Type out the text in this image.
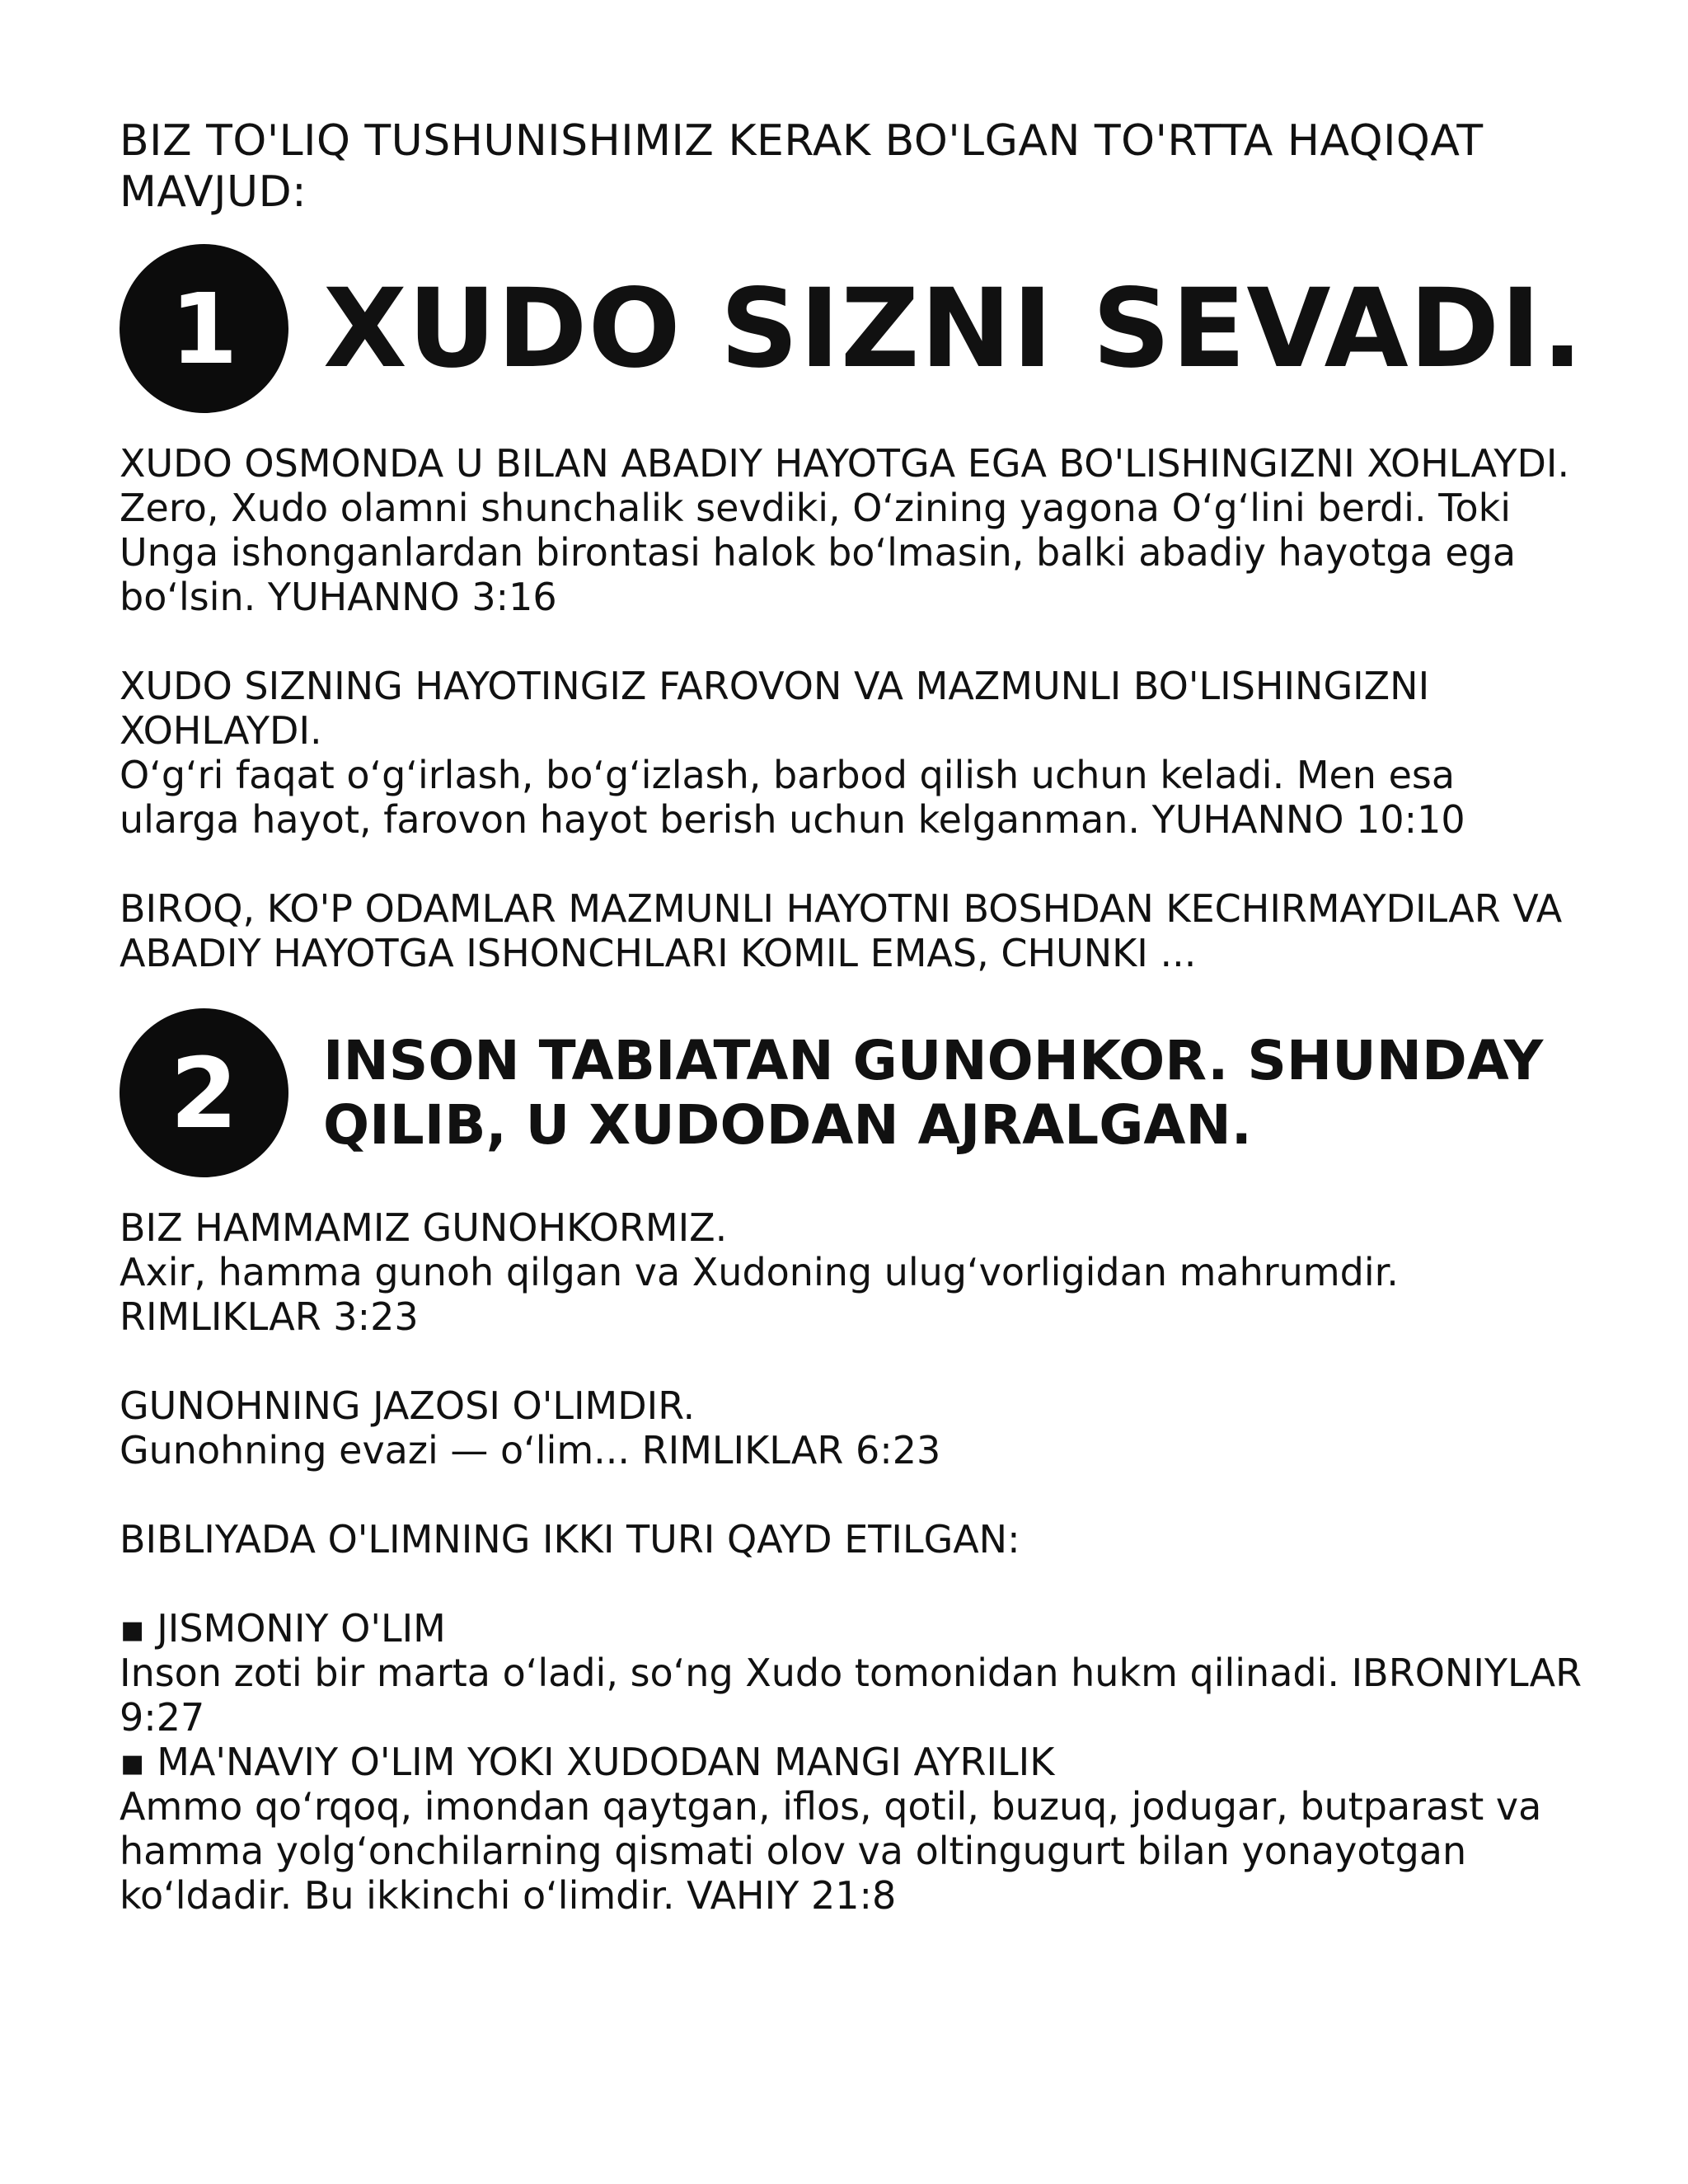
BIZ TO'LIQ TUSHUNISHIMIZ KERAK BO'LGAN TO'RTTA HAQIQAT MAVJUD:

1 XUDO SIZNI SEVADI.

XUDO OSMONDA U BILAN ABADIY HAYOTGA EGA BO'LISHINGIZNI XOHLAYDI.
Zero, Xudo olamni shunchalik sevdiki, Oʻzining yagona Oʻgʻlini berdi. Toki Unga ishonganlardan birontasi halok boʻlmasin, balki abadiy hayotga ega boʻlsin. YUHANNO 3:16

XUDO SIZNING HAYOTINGIZ FAROVON VA MAZMUNLI BO'LISHINGIZNI XOHLAYDI.
Oʻgʻri faqat oʻgʻirlash, boʻgʻizlash, barbod qilish uchun keladi. Men esa ularga hayot, farovon hayot berish uchun kelganman. YUHANNO 10:10

BIROQ, KO'P ODAMLAR MAZMUNLI HAYOTNI BOSHDAN KECHIRMAYDILAR VA ABADIY HAYOTGA ISHONCHLARI KOMIL EMAS, CHUNKI ...

2	INSON TABIATAN GUNOHKOR. SHUNDAY QILIB, U XUDODAN AJRALGAN.

BIZ HAMMAMIZ GUNOHKORMIZ.
Axir, hamma gunoh qilgan va Xudoning ulugʻvorligidan mahrumdir. RIMLIKLAR 3:23

GUNOHNING JAZOSI O'LIMDIR.
Gunohning evazi — oʻlim... RIMLIKLAR 6:23

BIBLIYADA O'LIMNING IKKI TURI QAYD ETILGAN:

▪ JISMONIY O'LIM
Inson zoti bir marta oʻladi, soʻng Xudo tomonidan hukm qilinadi. IBRONIYLAR 9:27
▪ MA'NAVIY O'LIM YOKI XUDODAN MANGI AYRILIK
Ammo qoʻrqoq, imondan qaytgan, iflos, qotil, buzuq, jodugar, butparast va hamma yolgʻonchilarning qismati olov va oltingugurt bilan yonayotgan koʻldadir. Bu ikkinchi oʻlimdir. VAHIY 21:8
